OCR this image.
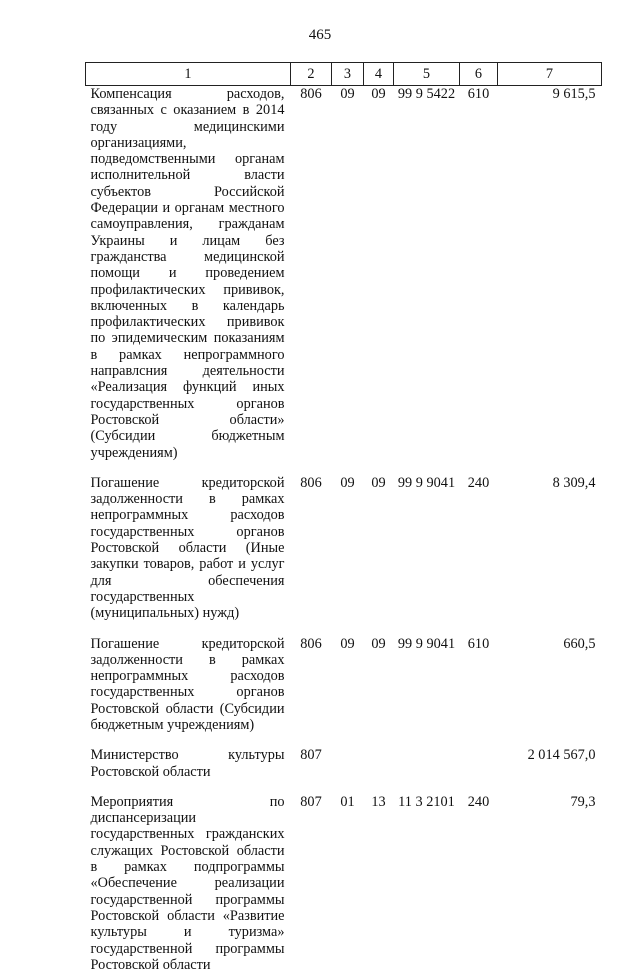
465
1	2	3	4	5	6	7
Компенсация расходов, связанных с оказанием в 2014 году медицинскими организациями, подведомственными органам исполнительной власти субъектов Российской Федерации и органам местного самоуправления, гражданам Украины и лицам без гражданства медицинской помощи и проведением профилактических прививок, включенных в календарь профилактических прививок по эпидемическим показаниям в рамках непрограммного направлсния деятельности «Реализация функций иных государственных органов Ростовской области» (Субсидии бюджетным учреждениям)	806	09	09	99 9 5422	610	9 615,5
Погашение кредиторской задолженности в рамках непрограммных расходов государственных органов Ростовской области (Иные закупки товаров, работ и услуг для обеспечения государственных (муниципальных) нужд)	806	09	09	99 9 9041	240	8 309,4
Погашение кредиторской задолженности в рамках непрограммных расходов государственных органов Ростовской области (Субсидии бюджетным учреждениям)	806	09	09	99 9 9041	610	660,5
Министерство культуры Ростовской области	807					2 014 567,0
Мероприятия по диспансеризации государственных гражданских служащих Ростовской области в рамках подпрограммы «Обеспечение реализации государственной программы Ростовской области «Развитие культуры и туризма» государственной программы Ростовской области	807	01	13	11 3 2101	240	79,3
